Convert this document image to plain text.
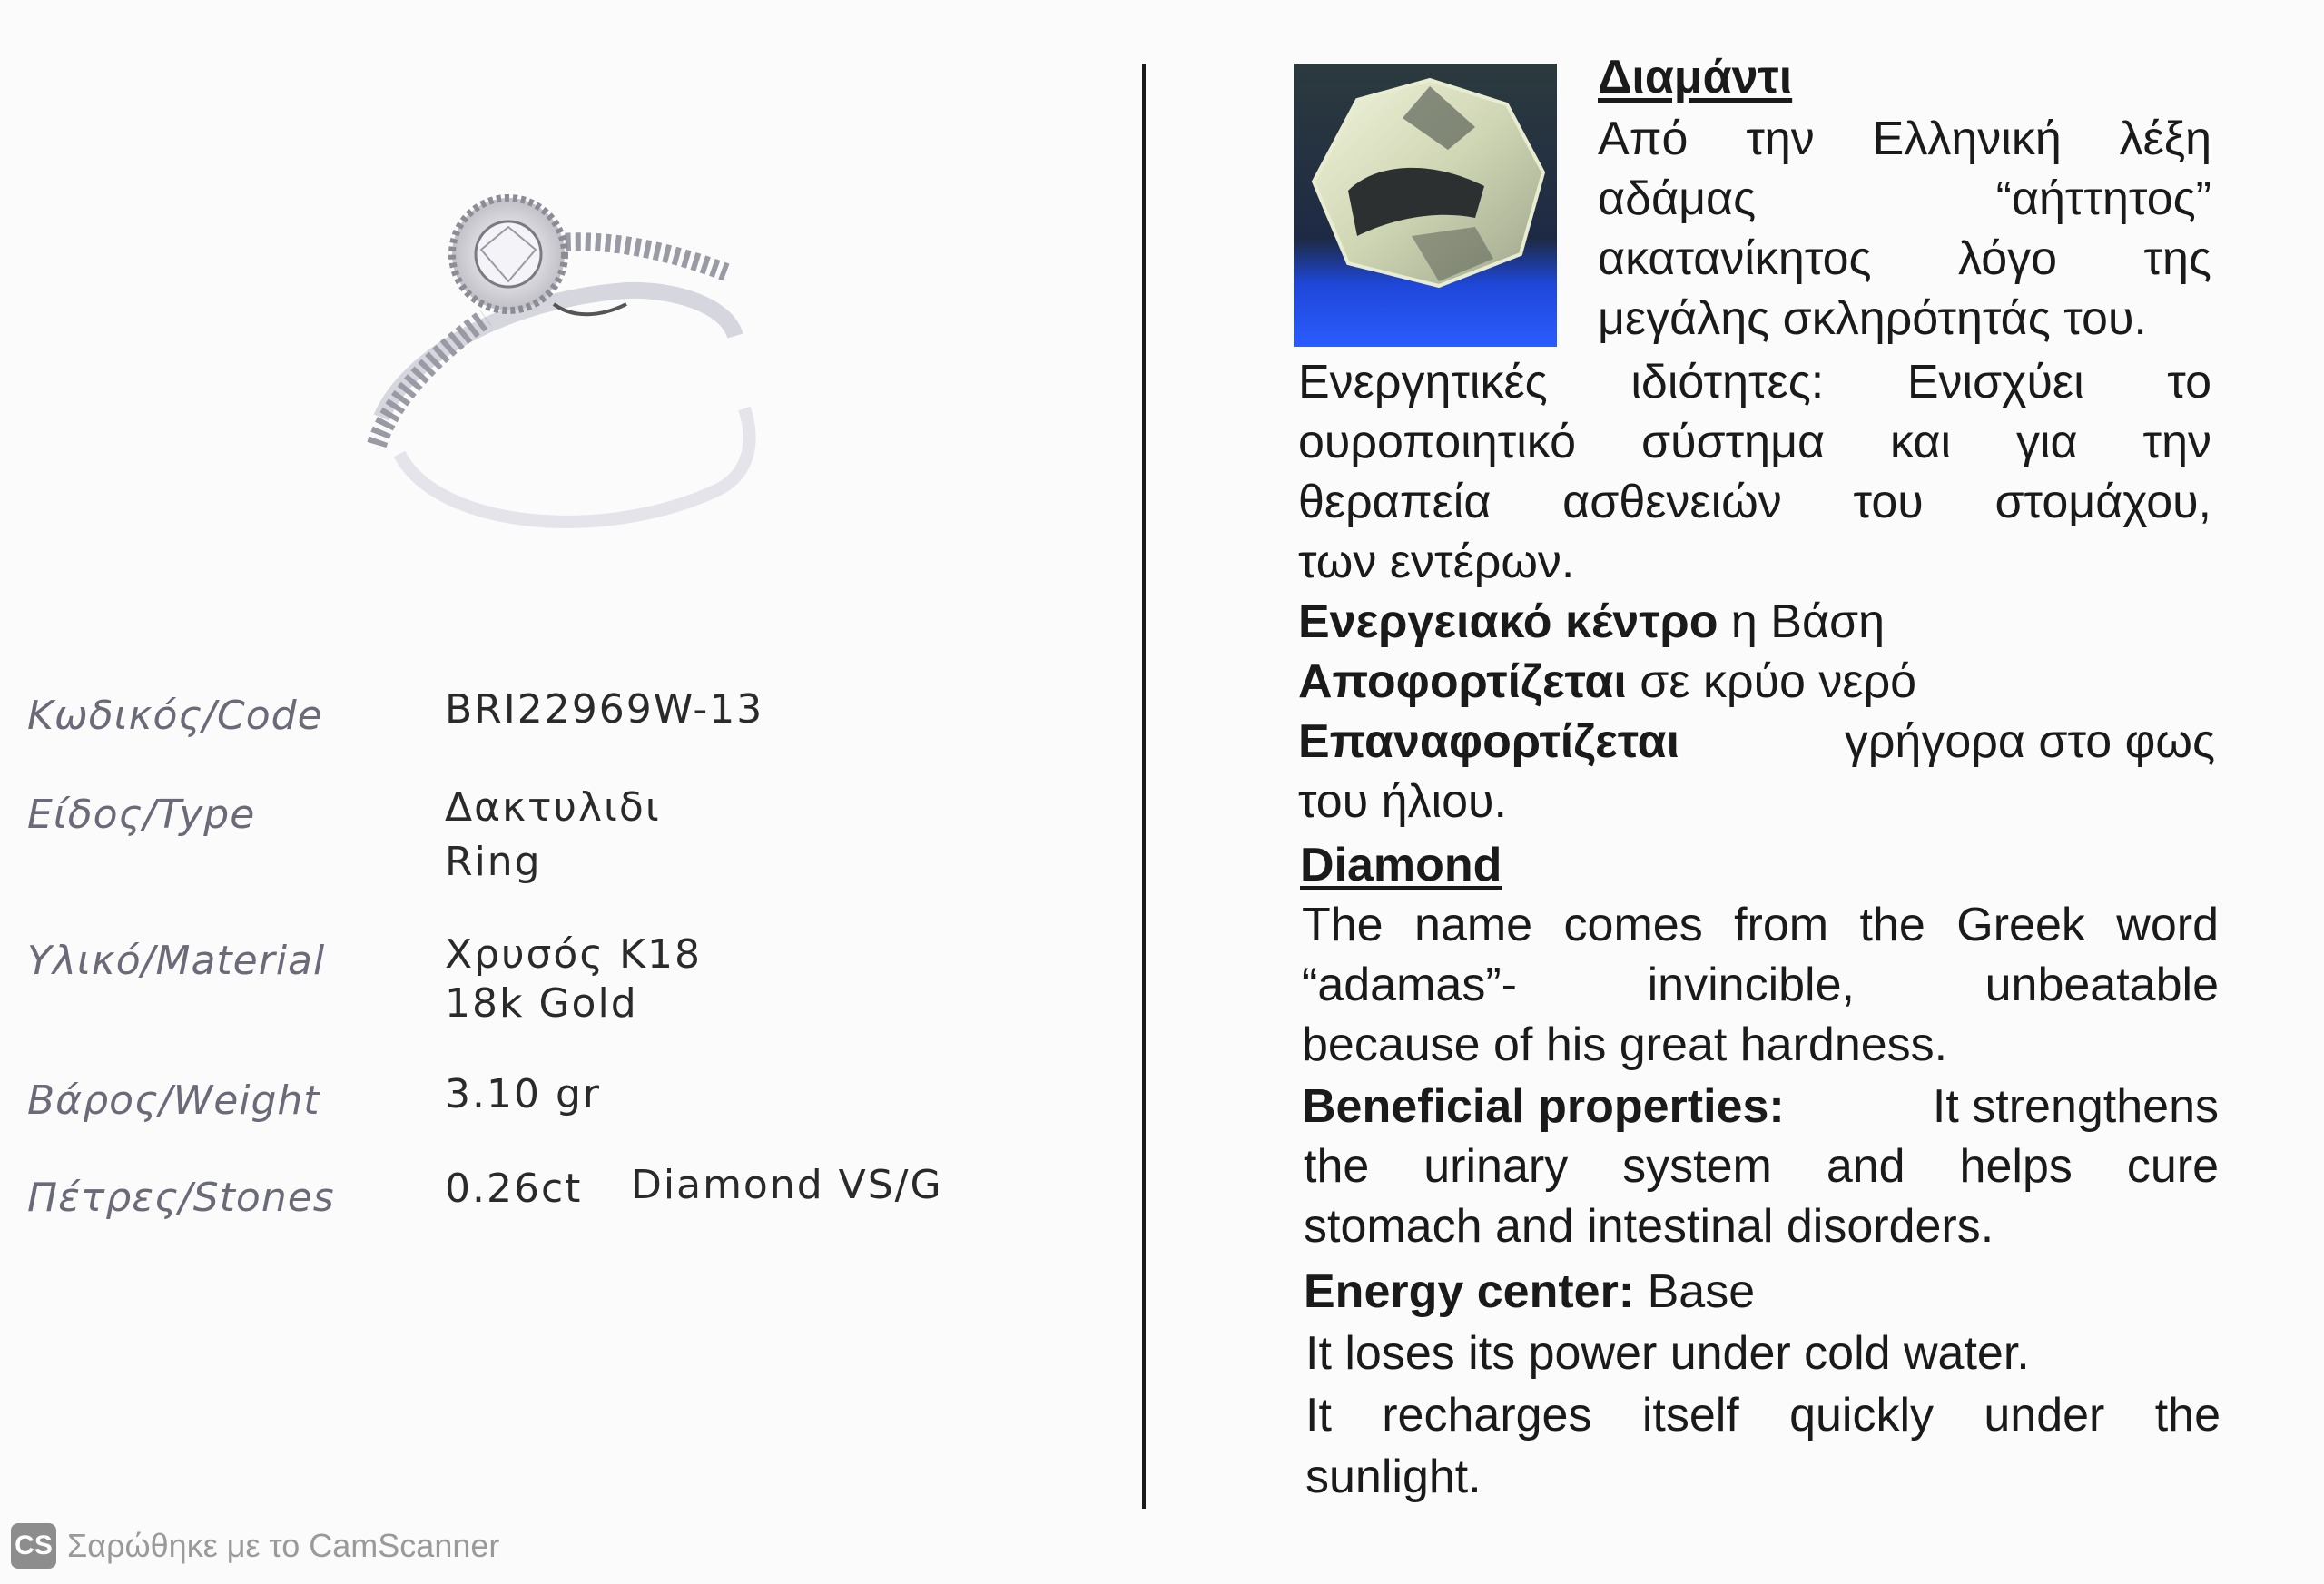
Κωδικός/Code	BRI22969W-13
Είδος/Type	Δακτυλιδι
Ring
Υλικό/Material	Χρυσός Κ18
18k Gold
Βάρος/Weight	3.10 gr
Πέτρες/Stones	0.26ct Diamond VS/G
Διαμάντι
Από την Ελληνική λέξη
αδάμας “αήττητος”
ακατανίκητος λόγο της
μεγάλης σκληρότητάς του.
Ενεργητικές ιδιότητες: Ενισχύει το
ουροποιητικό σύστημα και για την
θεραπεία ασθενειών του στομάχου,
των εντέρων.
Ενεργειακό κέντρο η Βάση
Αποφορτίζεται σε κρύο νερό
Επαναφορτίζεται	γρήγορα στο φως
του ήλιου.
Diamond
The name comes from the Greek word
“adamas”- invincible, unbeatable
because of his great hardness.
Beneficial properties:	It strengthens
the urinary system and helps cure
stomach and intestinal disorders.
Energy center: Base
It loses its power under cold water.
It recharges itself quickly under the
sunlight.
CS Σαρώθηκε με το CamScanner
